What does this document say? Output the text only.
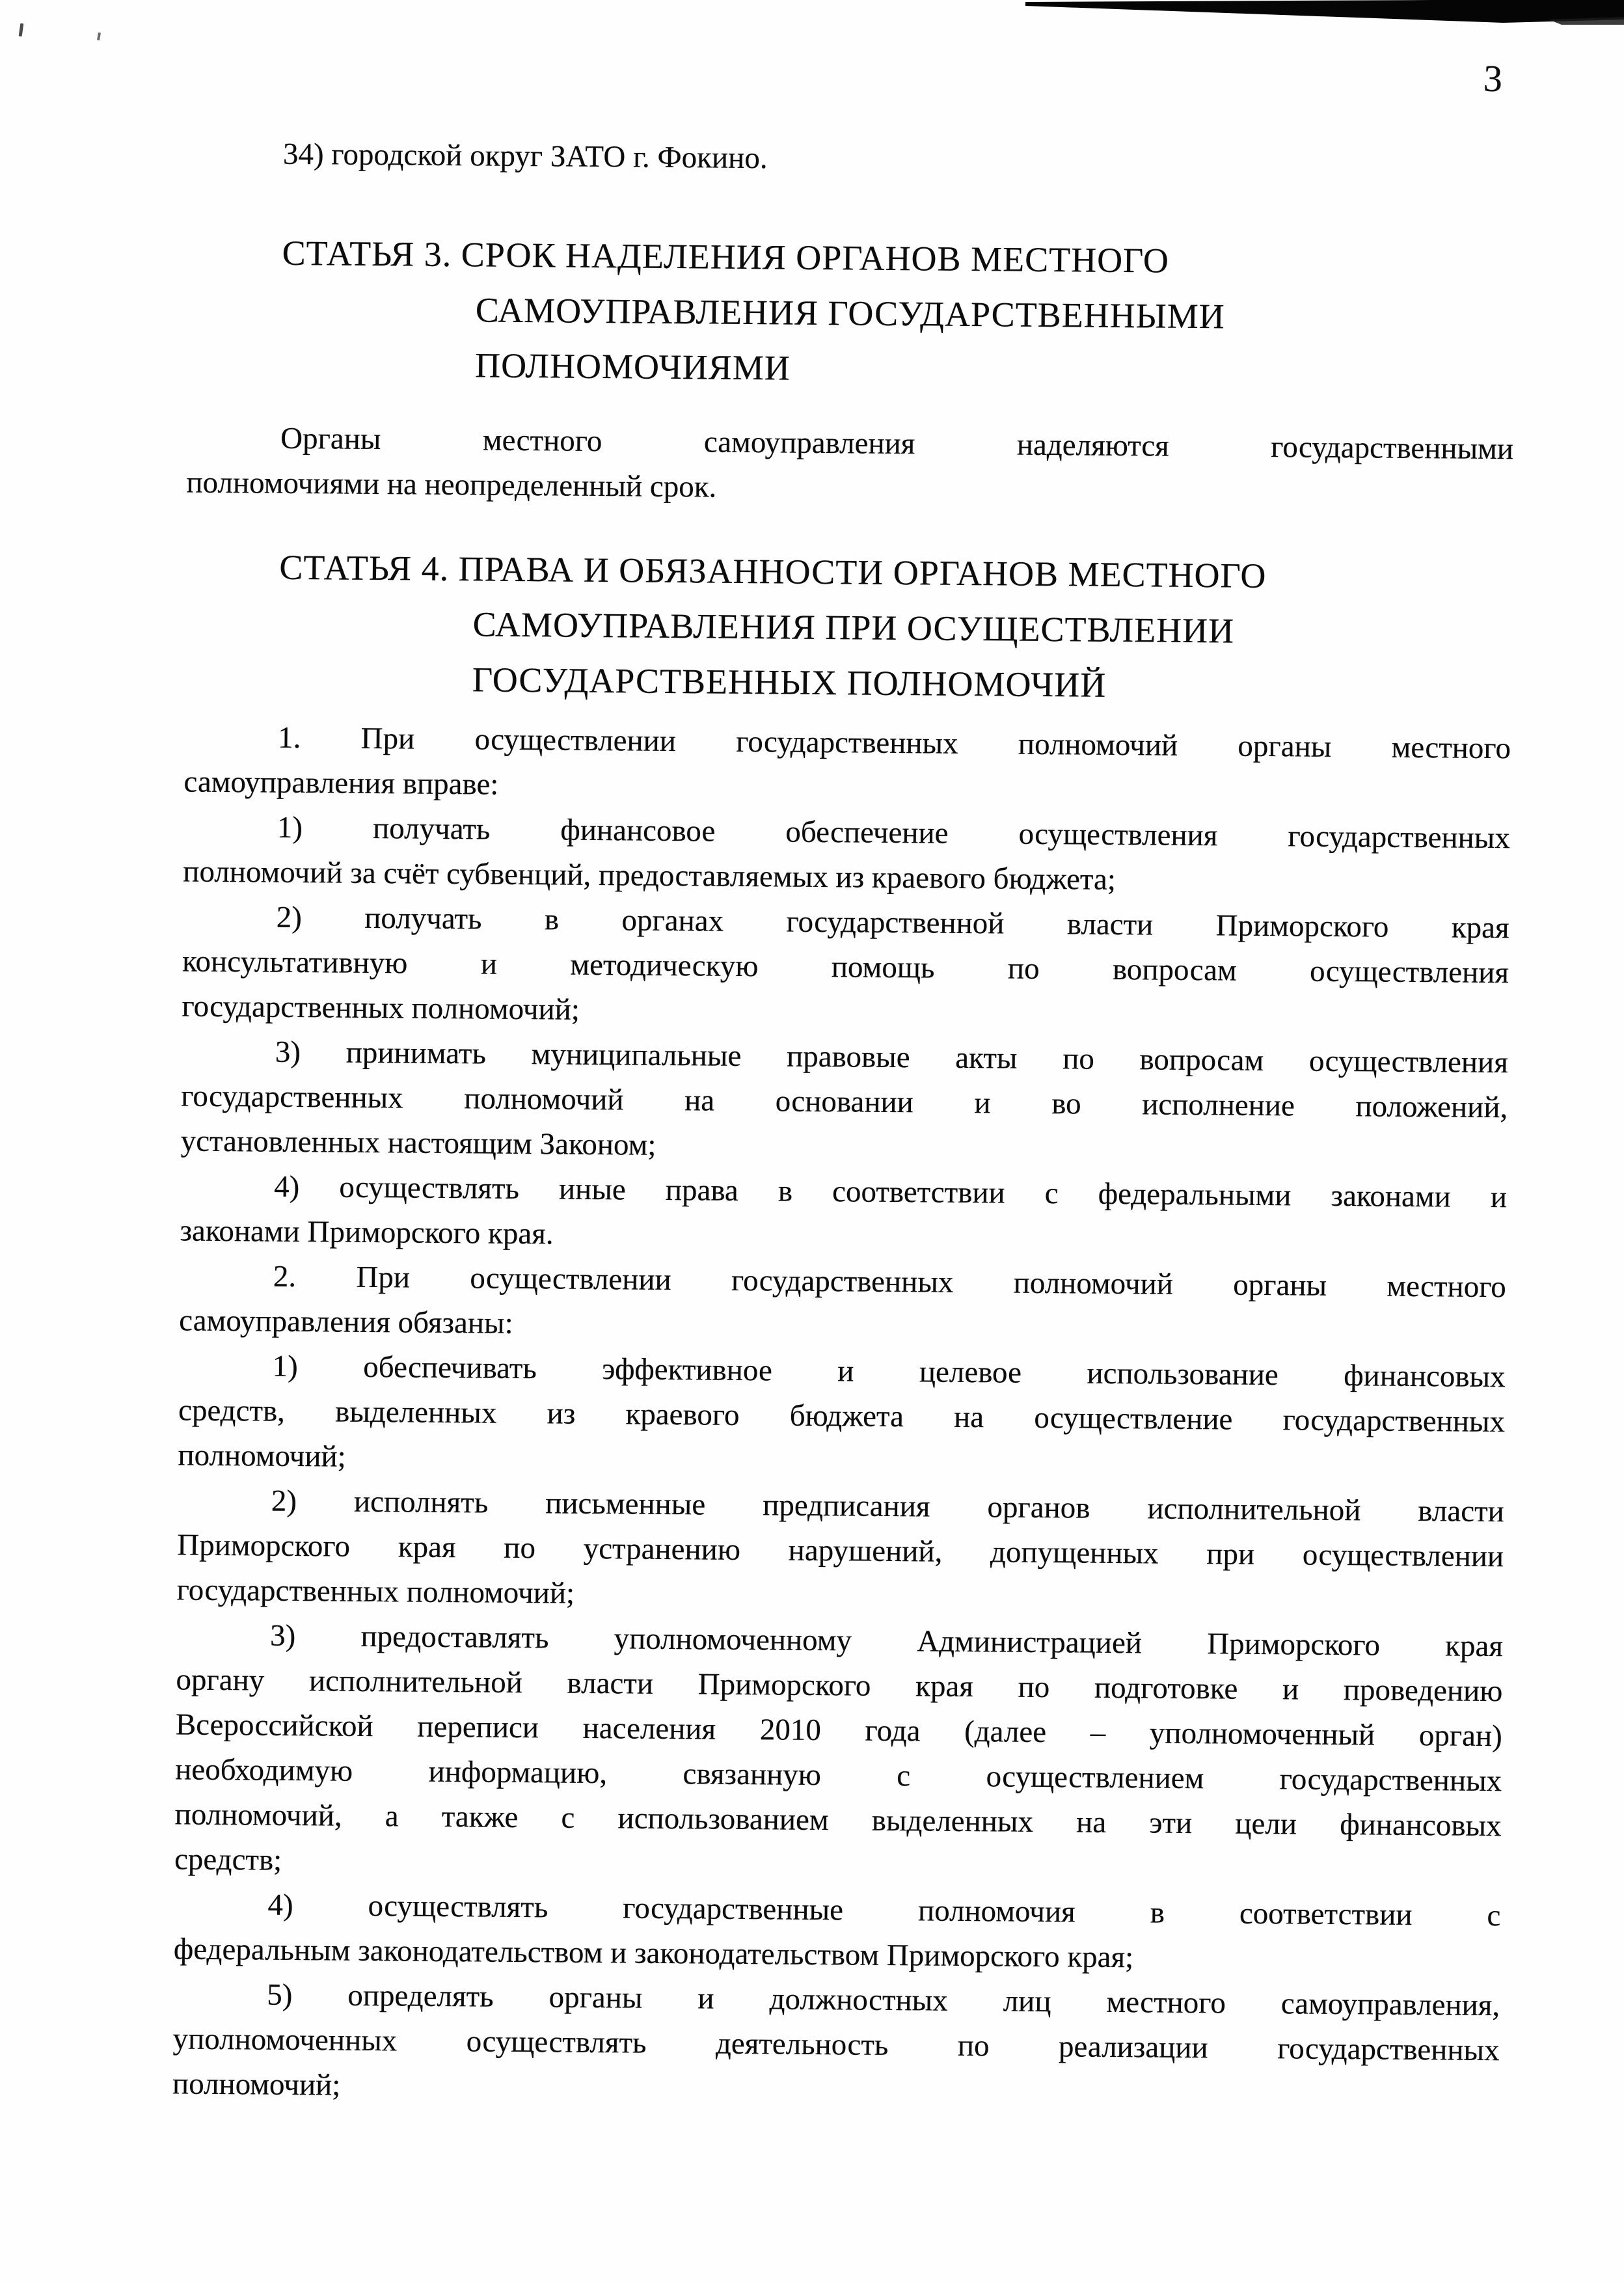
3
34) городской округ ЗАТО г. Фокино.
СТАТЬЯ 3. СРОК НАДЕЛЕНИЯ ОРГАНОВ МЕСТНОГО
САМОУПРАВЛЕНИЯ ГОСУДАРСТВЕННЫМИ
ПОЛНОМОЧИЯМИ
Органы местного самоуправления наделяются государственными
полномочиями на неопределенный срок.
СТАТЬЯ 4. ПРАВА И ОБЯЗАННОСТИ ОРГАНОВ МЕСТНОГО
САМОУПРАВЛЕНИЯ ПРИ ОСУЩЕСТВЛЕНИИ
ГОСУДАРСТВЕННЫХ ПОЛНОМОЧИЙ
1. При осуществлении государственных полномочий органы местного
самоуправления вправе:
1) получать финансовое обеспечение осуществления государственных
полномочий за счёт субвенций, предоставляемых из краевого бюджета;
2) получать в органах государственной власти Приморского края
консультативную и методическую помощь по вопросам осуществления
государственных полномочий;
3) принимать муниципальные правовые акты по вопросам осуществления
государственных полномочий на основании и во исполнение положений,
установленных настоящим Законом;
4) осуществлять иные права в соответствии с федеральными законами и
законами Приморского края.
2. При осуществлении государственных полномочий органы местного
самоуправления обязаны:
1) обеспечивать эффективное и целевое использование финансовых
средств, выделенных из краевого бюджета на осуществление государственных
полномочий;
2) исполнять письменные предписания органов исполнительной власти
Приморского края по устранению нарушений, допущенных при осуществлении
государственных полномочий;
3) предоставлять уполномоченному Администрацией Приморского края
органу исполнительной власти Приморского края по подготовке и проведению
Всероссийской переписи населения 2010 года (далее – уполномоченный орган)
необходимую информацию, связанную с осуществлением государственных
полномочий, а также с использованием выделенных на эти цели финансовых
средств;
4) осуществлять государственные полномочия в соответствии с
федеральным законодательством и законодательством Приморского края;
5) определять органы и должностных лиц местного самоуправления,
уполномоченных осуществлять деятельность по реализации государственных
полномочий;
